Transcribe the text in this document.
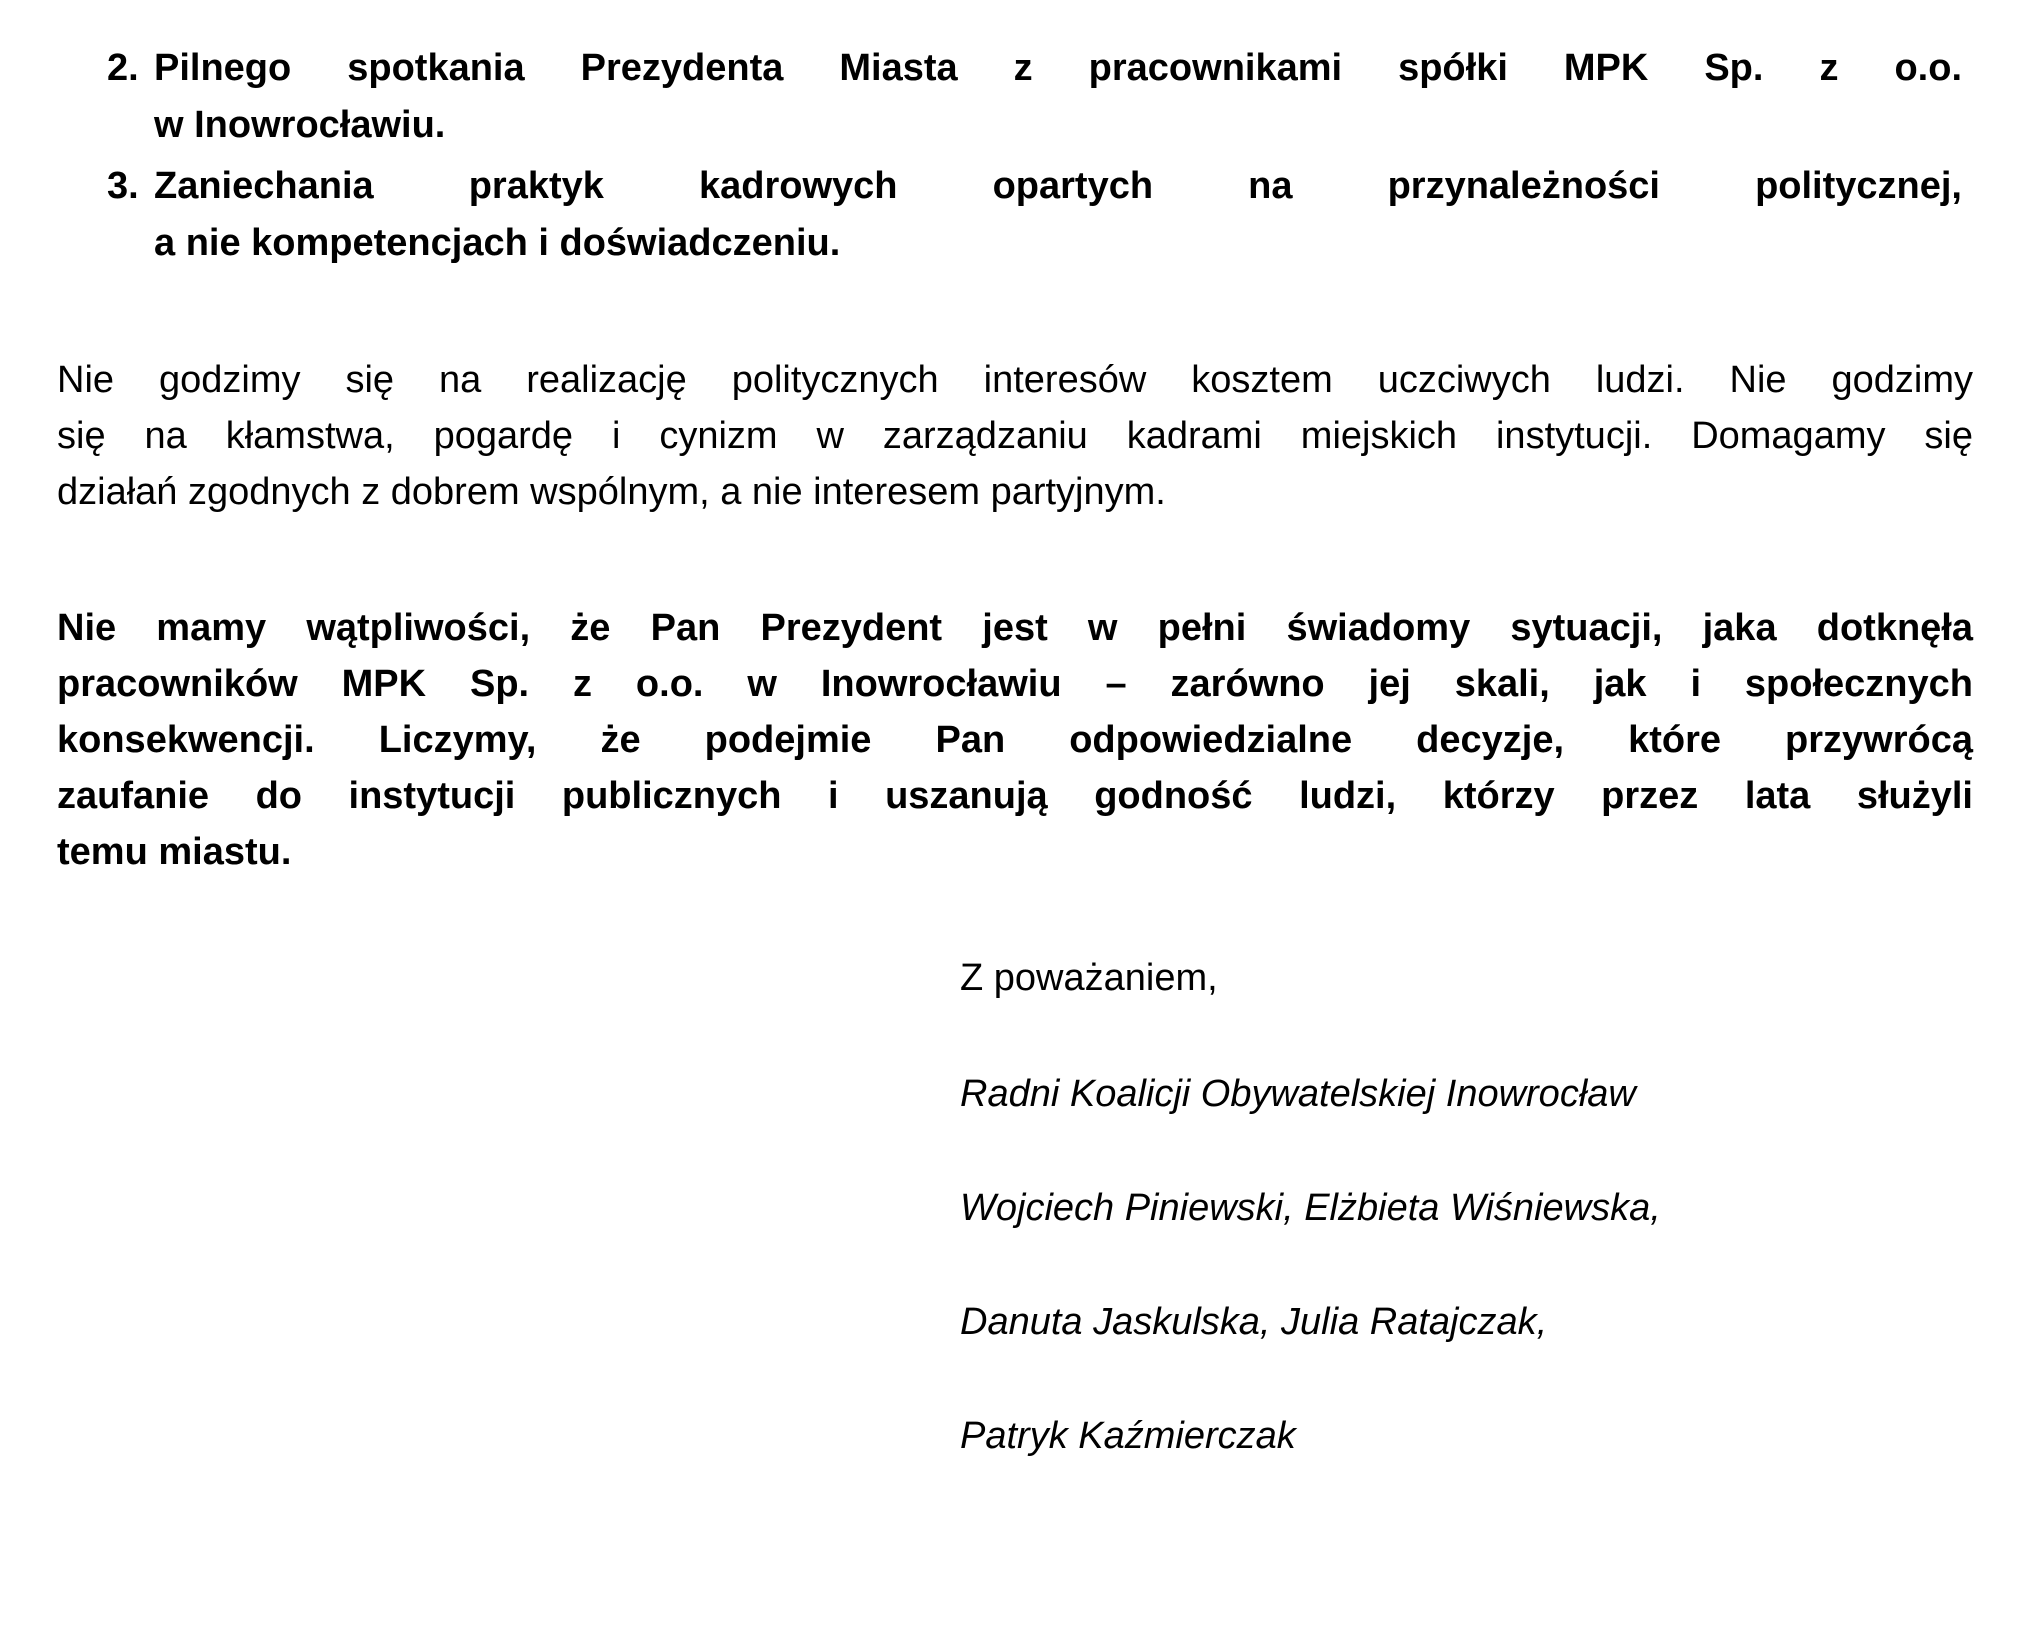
2. Pilnego spotkania Prezydenta Miasta z pracownikami spółki MPK Sp. z o.o.
w Inowrocławiu.
3. Zaniechania praktyk kadrowych opartych na przynależności politycznej,
a nie kompetencjach i doświadczeniu.
Nie godzimy się na realizację politycznych interesów kosztem uczciwych ludzi. Nie godzimy
się na kłamstwa, pogardę i cynizm w zarządzaniu kadrami miejskich instytucji. Domagamy się
działań zgodnych z dobrem wspólnym, a nie interesem partyjnym.
Nie mamy wątpliwości, że Pan Prezydent jest w pełni świadomy sytuacji, jaka dotknęła
pracowników MPK Sp. z o.o. w Inowrocławiu – zarówno jej skali, jak i społecznych
konsekwencji. Liczymy, że podejmie Pan odpowiedzialne decyzje, które przywrócą
zaufanie do instytucji publicznych i uszanują godność ludzi, którzy przez lata służyli
temu miastu.
Z poważaniem,
Radni Koalicji Obywatelskiej Inowrocław
Wojciech Piniewski, Elżbieta Wiśniewska,
Danuta Jaskulska, Julia Ratajczak,
Patryk Kaźmierczak
